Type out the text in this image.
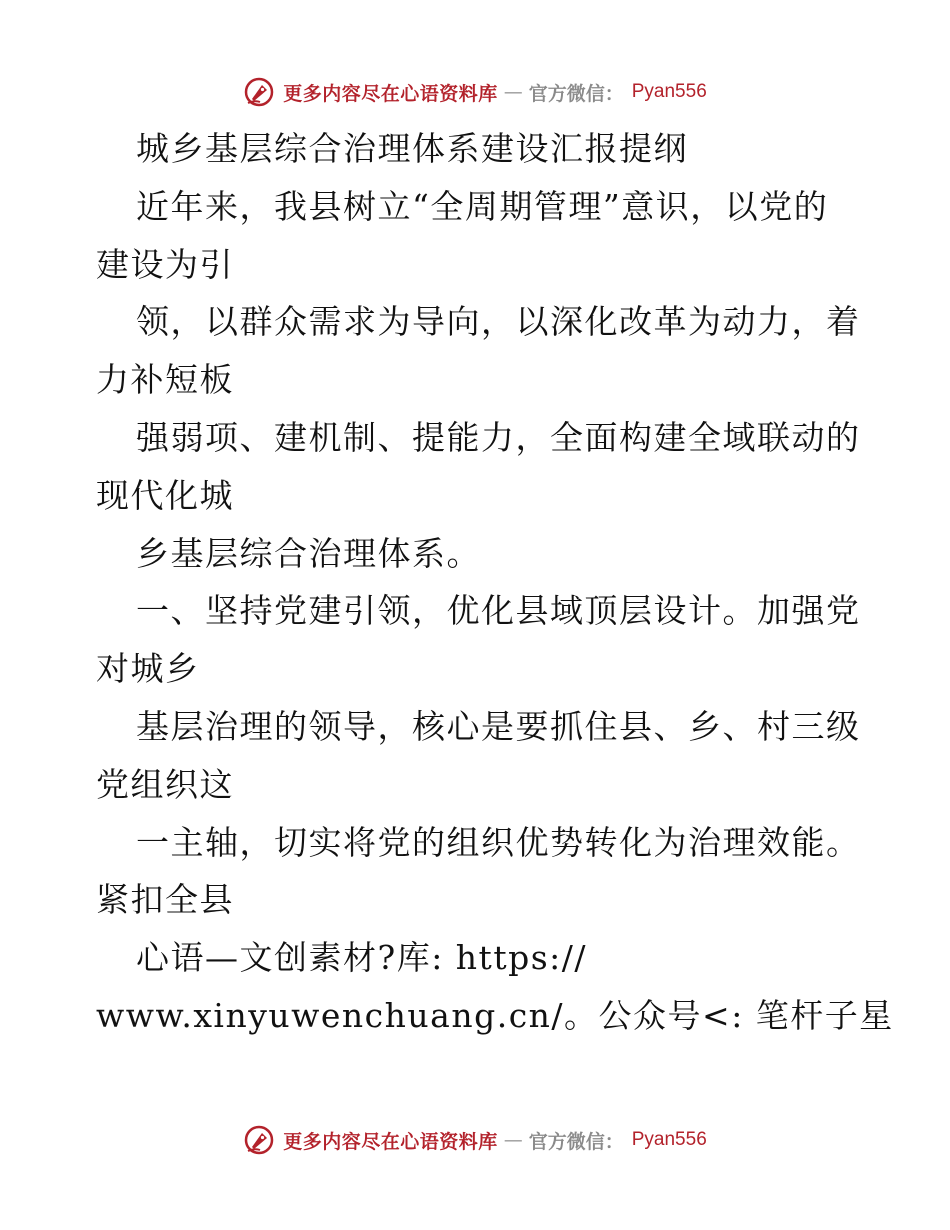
更多内容尽在心语资料库 — 官方微信： Pyan556
城乡基层综合治理体系建设汇报提纲
近年来，我县树立“全周期管理”意识，以党的
建设为引
领，以群众需求为导向，以深化改革为动力，着
力补短板
强弱项、建机制、提能力，全面构建全域联动的
现代化城
乡基层综合治理体系。
一、坚持党建引领，优化县域顶层设计。加强党
对城乡
基层治理的领导，核心是要抓住县、乡、村三级
党组织这
一主轴，切实将党的组织优势转化为治理效能。
紧扣全县
心语—文创素材?库: https://
www.xinyuwenchuang.cn/。公众号<: 笔杆子星
更多内容尽在心语资料库 — 官方微信： Pyan556
